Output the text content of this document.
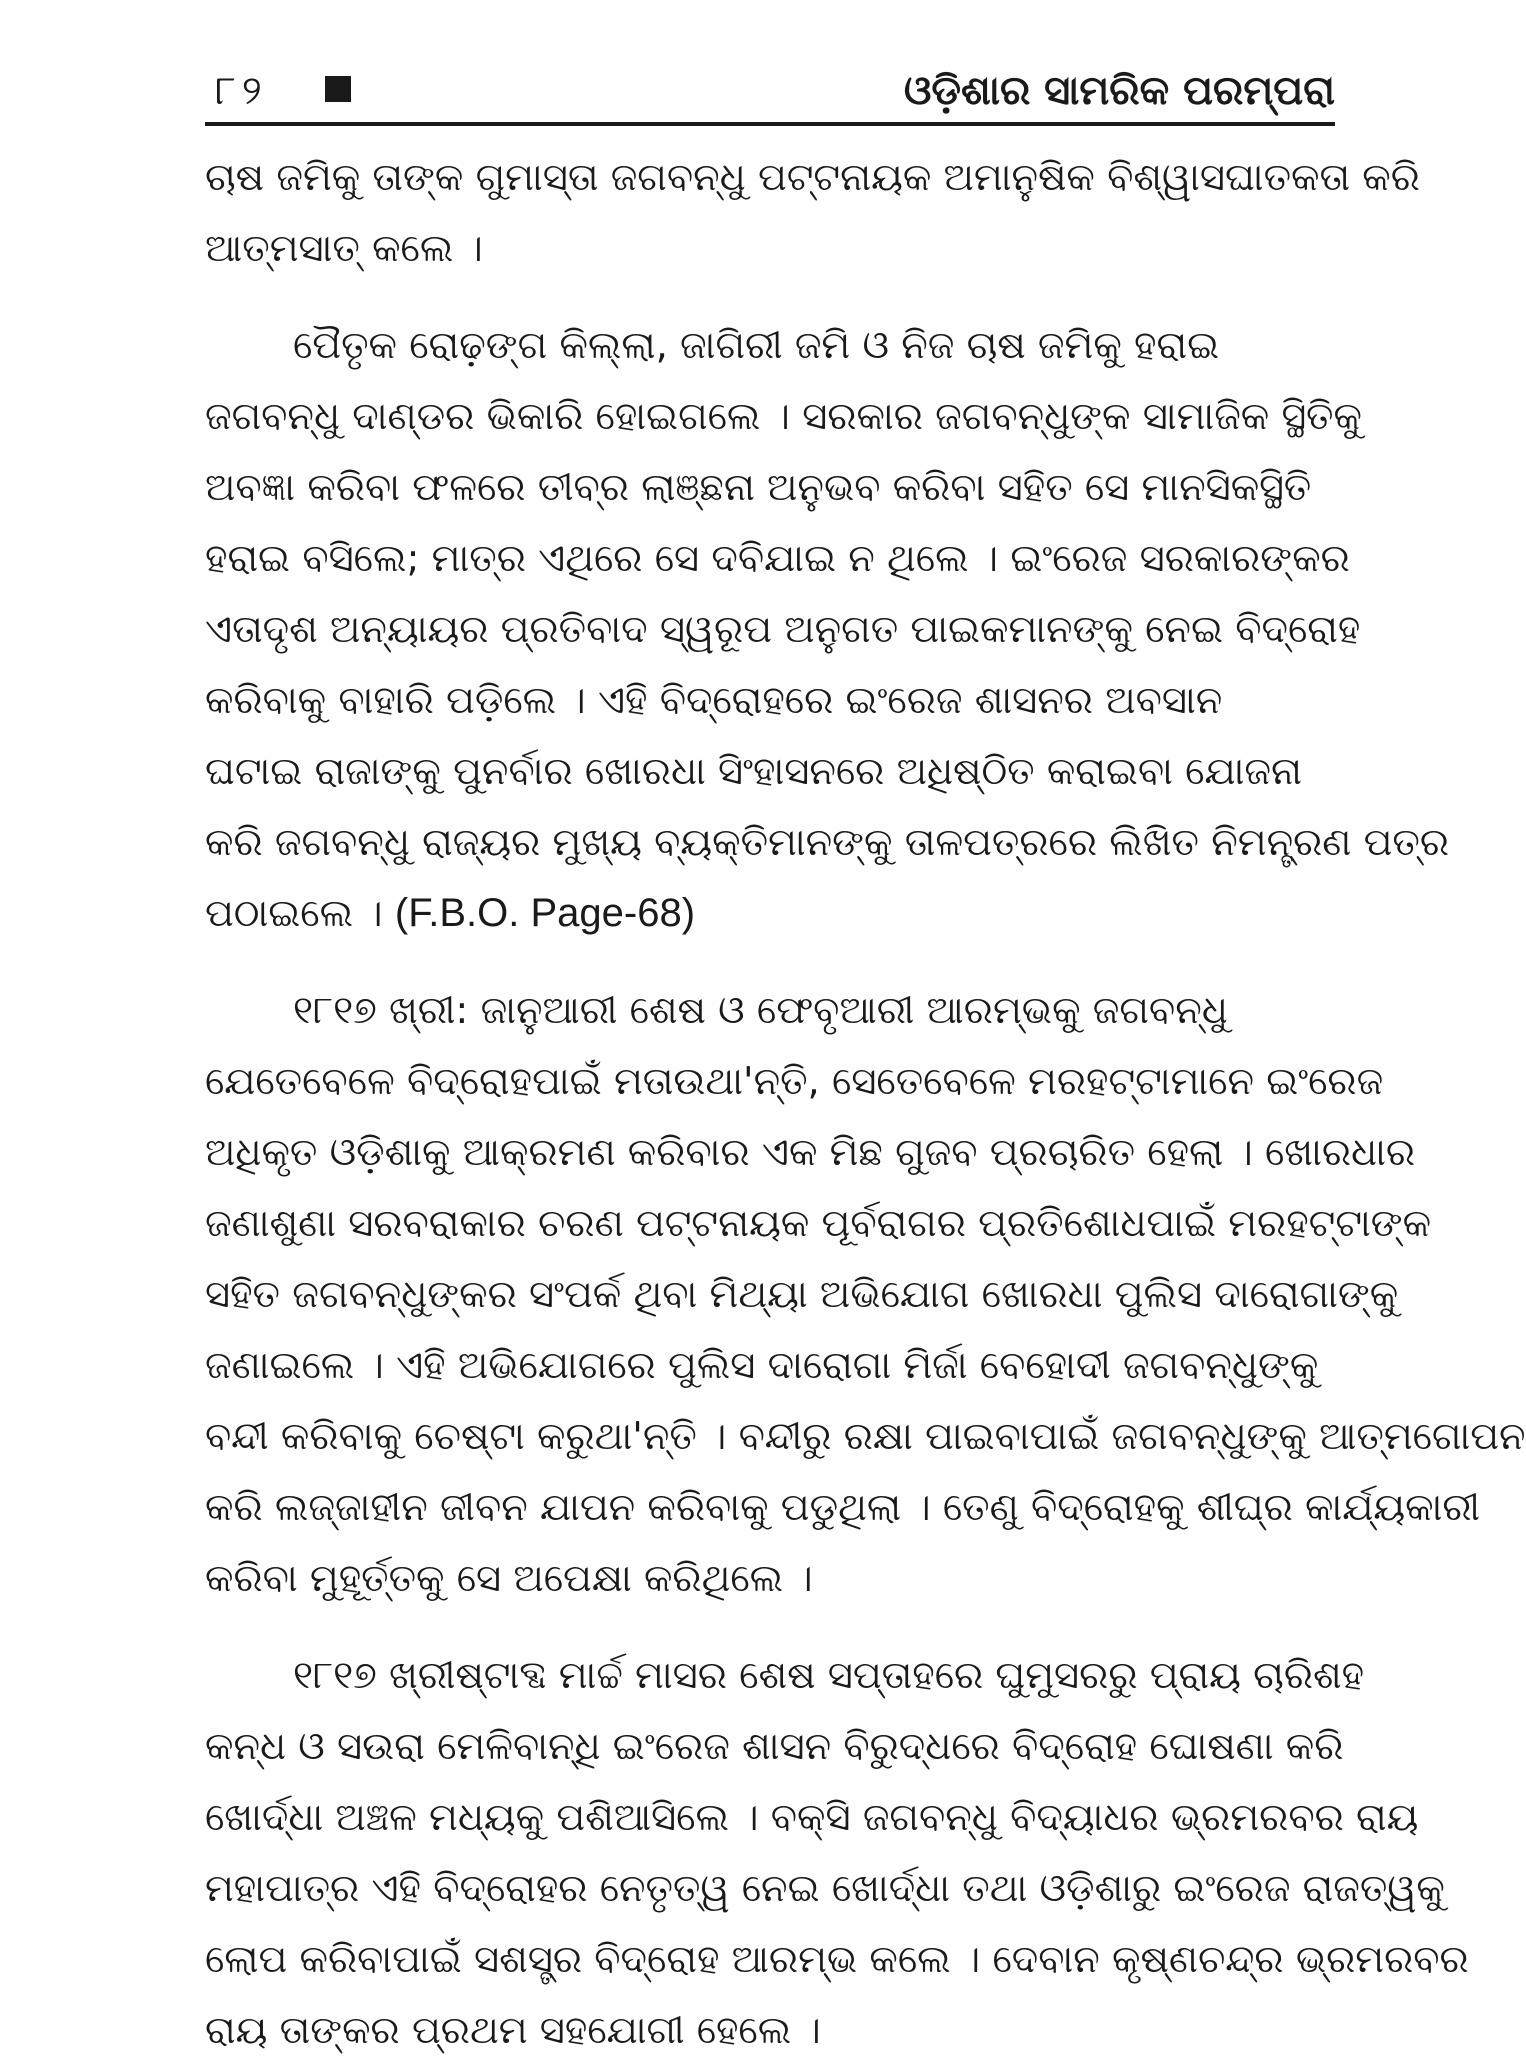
୮୨	ଓଡ଼ିଶାର ସାମରିକ ପରମ୍ପରା
ଚାଷ ଜମିକୁ ତାଙ୍କ ଗୁମାସ୍ତା ଜଗବନ୍ଧୁ ପଟ୍ଟନାୟକ ଅମାନୁଷିକ ବିଶ୍ୱାସଘାତକତା କରି
ଆତ୍ମସାତ୍ କଲେ ।
ପୈତୃକ ରୋଢ଼ଙ୍ଗ କିଲ୍ଲା, ଜାଗିରୀ ଜମି ଓ ନିଜ ଚାଷ ଜମିକୁ ହରାଇ
ଜଗବନ୍ଧୁ ଦାଣ୍ଡର ଭିକାରି ହୋଇଗଲେ । ସରକାର ଜଗବନ୍ଧୁଙ୍କ ସାମାଜିକ ସ୍ଥିତିକୁ
ଅବଜ୍ଞା କରିବା ଫଳରେ ତୀବ୍ର ଲାଞ୍ଛନା ଅନୁଭବ କରିବା ସହିତ ସେ ମାନସିକସ୍ଥିତି
ହରାଇ ବସିଲେ; ମାତ୍ର ଏଥିରେ ସେ ଦବିଯାଇ ନ ଥିଲେ । ଇଂରେଜ ସରକାରଙ୍କର
ଏତାଦୃଶ ଅନ୍ୟାୟର ପ୍ରତିବାଦ ସ୍ୱରୂପ ଅନୁଗତ ପାଇକମାନଙ୍କୁ ନେଇ ବିଦ୍ରୋହ
କରିବାକୁ ବାହାରି ପଡ଼ିଲେ । ଏହି ବିଦ୍ରୋହରେ ଇଂରେଜ ଶାସନର ଅବସାନ
ଘଟାଇ ରାଜାଙ୍କୁ ପୁନର୍ବାର ଖୋରଧା ସିଂହାସନରେ ଅଧିଷ୍ଠିତ କରାଇବା ଯୋଜନା
କରି ଜଗବନ୍ଧୁ ରାଜ୍ୟର ମୁଖ୍ୟ ବ୍ୟକ୍ତିମାନଙ୍କୁ ତାଳପତ୍ରରେ ଲିଖିତ ନିମନ୍ତ୍ରଣ ପତ୍ର
ପଠାଇଲେ । (F.B.O. Page-68)
୧୮୧୭ ଖ୍ରୀ: ଜାନୁଆରୀ ଶେଷ ଓ ଫେବୃଆରୀ ଆରମ୍ଭକୁ ଜଗବନ୍ଧୁ
ଯେତେବେଳେ ବିଦ୍ରୋହପାଇଁ ମତାଉଥା'ନ୍ତି, ସେତେବେଳେ ମରହଟ୍ଟାମାନେ ଇଂରେଜ
ଅଧିକୃତ ଓଡ଼ିଶାକୁ ଆକ୍ରମଣ କରିବାର ଏକ ମିଛ ଗୁଜବ ପ୍ରଚାରିତ ହେଲା । ଖୋରଧାର
ଜଣାଶୁଣା ସରବରାକାର ଚରଣ ପଟ୍ଟନାୟକ ପୂର୍ବରାଗର ପ୍ରତିଶୋଧପାଇଁ ମରହଟ୍ଟାଙ୍କ
ସହିତ ଜଗବନ୍ଧୁଙ୍କର ସଂପର୍କ ଥିବା ମିଥ୍ୟା ଅଭିଯୋଗ ଖୋରଧା ପୁଲିସ ଦାରୋଗାଙ୍କୁ
ଜଣାଇଲେ । ଏହି ଅଭିଯୋଗରେ ପୁଲିସ ଦାରୋଗା ମିର୍ଜା ବେହୋଦୀ ଜଗବନ୍ଧୁଙ୍କୁ
ବନ୍ଦୀ କରିବାକୁ ଚେଷ୍ଟା କରୁଥା'ନ୍ତି । ବନ୍ଦୀରୁ ରକ୍ଷା ପାଇବାପାଇଁ ଜଗବନ୍ଧୁଙ୍କୁ ଆତ୍ମଗୋପନ
କରି ଲଜ୍ଜାହୀନ ଜୀବନ ଯାପନ କରିବାକୁ ପଡୁଥିଲା । ତେଣୁ ବିଦ୍ରୋହକୁ ଶୀଘ୍ର କାର୍ଯ୍ୟକାରୀ
କରିବା ମୁହୂର୍ତ୍ତକୁ ସେ ଅପେକ୍ଷା କରିଥିଲେ ।
୧୮୧୭ ଖ୍ରୀଷ୍ଟାବ୍ଦ ମାର୍ଚ୍ଚ ମାସର ଶେଷ ସପ୍ତାହରେ ଘୁମୁସରରୁ ପ୍ରାୟ ଚାରିଶହ
କନ୍ଧ ଓ ସଉରା ମେଳିବାନ୍ଧି ଇଂରେଜ ଶାସନ ବିରୁଦ୍ଧରେ ବିଦ୍ରୋହ ଘୋଷଣା କରି
ଖୋର୍ଦ୍ଧା ଅଞ୍ଚଳ ମଧ୍ୟକୁ ପଶିଆସିଲେ । ବକ୍‌ସି ଜଗବନ୍ଧୁ ବିଦ୍ୟାଧର ଭ୍ରମରବର ରାୟ
ମହାପାତ୍ର ଏହି ବିଦ୍ରୋହର ନେତୃତ୍ୱ ନେଇ ଖୋର୍ଦ୍ଧା ତଥା ଓଡ଼ିଶାରୁ ଇଂରେଜ ରାଜତ୍ୱକୁ
ଲୋପ କରିବାପାଇଁ ସଶସ୍ତ୍ର ବିଦ୍ରୋହ ଆରମ୍ଭ କଲେ । ଦେବାନ କୃଷ୍ଣଚନ୍ଦ୍ର ଭ୍ରମରବର
ରାୟ ତାଙ୍କର ପ୍ରଥମ ସହଯୋଗୀ ହେଲେ ।
